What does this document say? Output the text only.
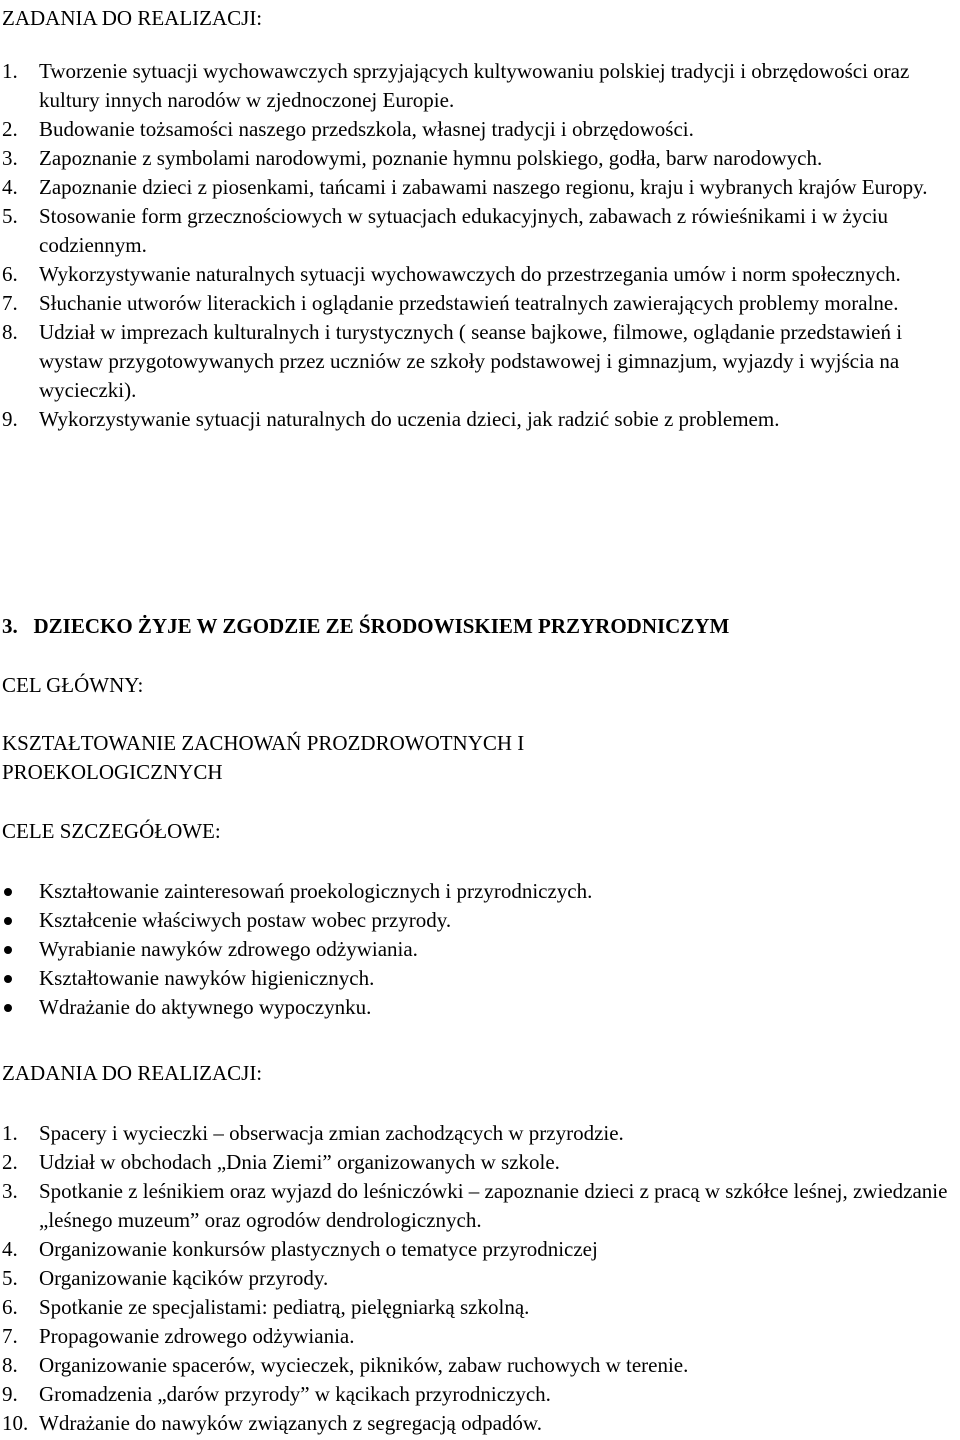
ZADANIA DO REALIZACJI:
1. Tworzenie sytuacji wychowawczych sprzyjających kultywowaniu polskiej tradycji i obrzędowości oraz kultury innych narodów w zjednoczonej Europie.
2. Budowanie tożsamości naszego przedszkola, własnej tradycji i obrzędowości.
3. Zapoznanie z symbolami narodowymi, poznanie hymnu polskiego, godła, barw narodowych.
4. Zapoznanie dzieci z piosenkami, tańcami i zabawami naszego regionu, kraju i wybranych krajów Europy.
5. Stosowanie form grzecznościowych w sytuacjach edukacyjnych, zabawach z rówieśnikami i w życiu codziennym.
6. Wykorzystywanie naturalnych sytuacji wychowawczych do przestrzegania umów i norm społecznych.
7. Słuchanie utworów literackich i oglądanie przedstawień teatralnych zawierających problemy moralne.
8. Udział w imprezach kulturalnych i turystycznych ( seanse bajkowe, filmowe, oglądanie przedstawień i wystaw przygotowywanych przez uczniów ze szkoły podstawowej i gimnazjum, wyjazdy i wyjścia na wycieczki).
9. Wykorzystywanie sytuacji naturalnych do uczenia dzieci, jak radzić sobie z problemem.
3. DZIECKO ŻYJE W ZGODZIE ZE ŚRODOWISKIEM PRZYRODNICZYM
CEL GŁÓWNY:
KSZTAŁTOWANIE ZACHOWAŃ PROZDROWOTNYCH I
PROEKOLOGICZNYCH
CELE SZCZEGÓŁOWE:
Kształtowanie zainteresowań proekologicznych i przyrodniczych.
Kształcenie właściwych postaw wobec przyrody.
Wyrabianie nawyków zdrowego odżywiania.
Kształtowanie nawyków higienicznych.
Wdrażanie do aktywnego wypoczynku.
ZADANIA DO REALIZACJI:
1. Spacery i wycieczki – obserwacja zmian zachodzących w przyrodzie.
2. Udział w obchodach „Dnia Ziemi” organizowanych w szkole.
3. Spotkanie z leśnikiem oraz wyjazd do leśniczówki – zapoznanie dzieci z pracą w szkółce leśnej, zwiedzanie „leśnego muzeum” oraz ogrodów dendrologicznych.
4. Organizowanie konkursów plastycznych o tematyce przyrodniczej
5. Organizowanie kącików przyrody.
6. Spotkanie ze specjalistami: pediatrą, pielęgniarką szkolną.
7. Propagowanie zdrowego odżywiania.
8. Organizowanie spacerów, wycieczek, pikników, zabaw ruchowych w terenie.
9. Gromadzenia „darów przyrody” w kącikach przyrodniczych.
10. Wdrażanie do nawyków związanych z segregacją odpadów.
